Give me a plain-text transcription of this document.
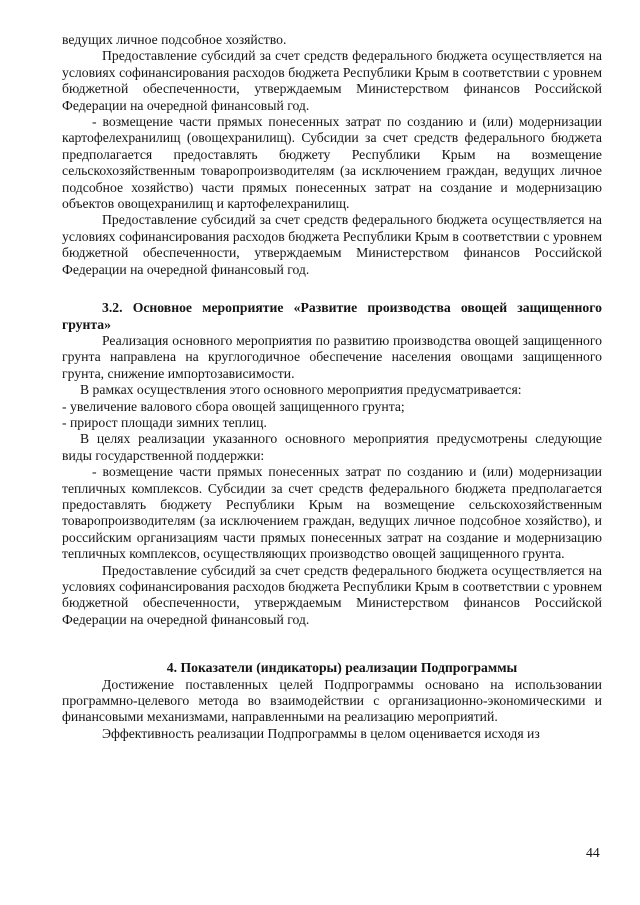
ведущих личное подсобное хозяйство.

Предоставление субсидий за счет средств федерального бюджета осуществляется на условиях софинансирования расходов бюджета Республики Крым в соответствии с уровнем бюджетной обеспеченности, утверждаемым Министерством финансов Российской Федерации на очередной финансовый год.

- возмещение части прямых понесенных затрат по созданию и (или) модернизации картофелехранилищ (овощехранилищ). Субсидии за счет средств федерального бюджета предполагается предоставлять бюджету Республики Крым на возмещение сельскохозяйственным товаропроизводителям (за исключением граждан, ведущих личное подсобное хозяйство) части прямых понесенных затрат на создание и модернизацию объектов овощехранилищ и картофелехранилищ.

Предоставление субсидий за счет средств федерального бюджета осуществляется на условиях софинансирования расходов бюджета Республики Крым в соответствии с уровнем бюджетной обеспеченности, утверждаемым Министерством финансов Российской Федерации на очередной финансовый год.

3.2. Основное мероприятие «Развитие производства овощей защищенного грунта»

Реализация основного мероприятия по развитию производства овощей защищенного грунта направлена на круглогодичное обеспечение населения овощами защищенного грунта, снижение импортозависимости.

В рамках осуществления этого основного мероприятия предусматривается:

- увеличение валового сбора овощей защищенного грунта;

- прирост площади зимних теплиц.

В целях реализации указанного основного мероприятия предусмотрены следующие виды государственной поддержки:

- возмещение части прямых понесенных затрат по созданию и (или) модернизации тепличных комплексов. Субсидии за счет средств федерального бюджета предполагается предоставлять бюджету Республики Крым на возмещение сельскохозяйственным товаропроизводителям (за исключением граждан, ведущих личное подсобное хозяйство), и российским организациям части прямых понесенных затрат на создание и модернизацию тепличных комплексов, осуществляющих производство овощей защищенного грунта.

Предоставление субсидий за счет средств федерального бюджета осуществляется на условиях софинансирования расходов бюджета Республики Крым в соответствии с уровнем бюджетной обеспеченности, утверждаемым Министерством финансов Российской Федерации на очередной финансовый год.

4. Показатели (индикаторы) реализации Подпрограммы

Достижение поставленных целей Подпрограммы основано на использовании программно-целевого метода во взаимодействии с организационно-экономическими и финансовыми механизмами, направленными на реализацию мероприятий.

Эффективность реализации Подпрограммы в целом оценивается исходя из

44
